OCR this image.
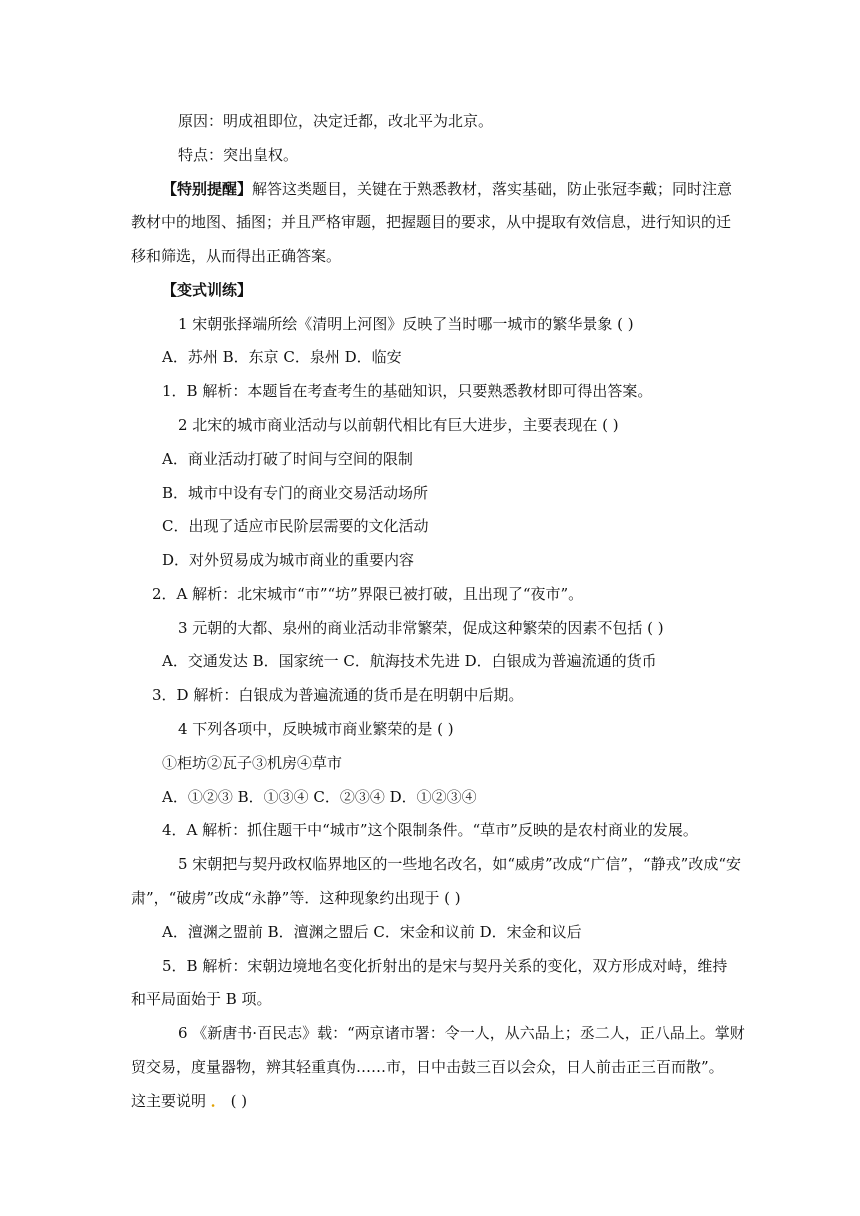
原因：明成祖即位，决定迁都，改北平为北京。
特点：突出皇权。
【特别提醒】解答这类题目，关键在于熟悉教材，落实基础，防止张冠李戴；同时注意
教材中的地图、插图；并且严格审题，把握题目的要求，从中提取有效信息，进行知识的迁
移和筛选，从而得出正确答案。
【变式训练】
1 宋朝张择端所绘《清明上河图》反映了当时哪一城市的繁华景象 ( )
A．苏州 B．东京 C．泉州 D．临安
1．B 解析：本题旨在考查考生的基础知识，只要熟悉教材即可得出答案。
2 北宋的城市商业活动与以前朝代相比有巨大进步，主要表现在 ( )
A．商业活动打破了时间与空间的限制
B．城市中设有专门的商业交易活动场所
C．出现了适应市民阶层需要的文化活动
D．对外贸易成为城市商业的重要内容
2．A 解析：北宋城市“市”“坊”界限已被打破，且出现了“夜市”。
3 元朝的大都、泉州的商业活动非常繁荣，促成这种繁荣的因素不包括 ( )
A．交通发达 B．国家统一 C．航海技术先进 D．白银成为普遍流通的货币
3．D 解析：白银成为普遍流通的货币是在明朝中后期。
4 下列各项中，反映城市商业繁荣的是 ( )
①柜坊②瓦子③机房④草市
A．①②③ B．①③④ C．②③④ D．①②③④
4．A 解析：抓住题干中“城市”这个限制条件。“草市”反映的是农村商业的发展。
5 宋朝把与契丹政权临界地区的一些地名改名，如“威虏”改成“广信”，“静戎”改成“安
肃”，“破虏”改成“永静”等．这种现象约出现于 ( )
A．澶渊之盟前 B．澶渊之盟后 C．宋金和议前 D．宋金和议后
5．B 解析：宋朝边境地名变化折射出的是宋与契丹关系的变化，双方形成对峙，维持
和平局面始于 B 项。
6 《新唐书·百民志》载：“两京诸市署：令一人，从六品上；丞二人，正八品上。掌财
贸交易，度量器物，辨其轻重真伪……市，日中击鼓三百以会众，日人前击正三百而散”。
这主要说明 ． ( )
